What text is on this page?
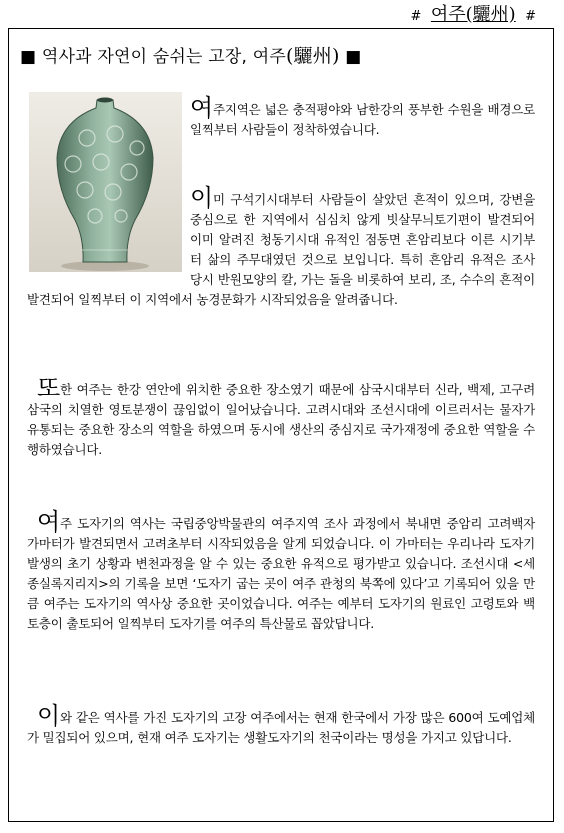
# 여주(驪州) #
■ 역사과 자연이 숨쉬는 고장, 여주(驪州) ■
여주지역은 넓은 충적평야와 남한강의 풍부한 수원을 배경으로 일찍부터 사람들이 정착하였습니다.
이미 구석기시대부터 사람들이 살았던 흔적이 있으며, 강변을 중심으로 한 지역에서 심심치 않게 빗살무늬토기편이 발견되어 이미 알려진 청동기시대 유적인 점동면 흔암리보다 이른 시기부터 삶의 주무대였던 것으로 보입니다. 특히 흔암리 유적은 조사 당시 반원모양의 칼, 가는 돌을 비롯하여 보리, 조, 수수의 흔적이 발견되어 일찍부터 이 지역에서 농경문화가 시작되었음을 알려줍니다.
또한 여주는 한강 연안에 위치한 중요한 장소였기 때문에 삼국시대부터 신라, 백제, 고구려 삼국의 치열한 영토분쟁이 끊임없이 일어났습니다. 고려시대와 조선시대에 이르러서는 물자가 유통되는 중요한 장소의 역할을 하였으며 동시에 생산의 중심지로 국가재정에 중요한 역할을 수행하였습니다.
여주 도자기의 역사는 국립중앙박물관의 여주지역 조사 과정에서 북내면 중암리 고려백자 가마터가 발견되면서 고려초부터 시작되었음을 알게 되었습니다. 이 가마터는 우리나라 도자기 발생의 초기 상황과 변천과정을 알 수 있는 중요한 유적으로 평가받고 있습니다. 조선시대 <세종실록지리지>의 기록을 보면 ‘도자기 굽는 곳이 여주 관청의 북쪽에 있다’고 기록되어 있을 만큼 여주는 도자기의 역사상 중요한 곳이었습니다. 여주는 예부터 도자기의 원료인 고령토와 백토층이 출토되어 일찍부터 도자기를 여주의 특산물로 꼽았답니다.
이와 같은 역사를 가진 도자기의 고장 여주에서는 현재 한국에서 가장 많은 600여 도예업체가 밀집되어 있으며, 현재 여주 도자기는 생활도자기의 천국이라는 명성을 가지고 있답니다.
